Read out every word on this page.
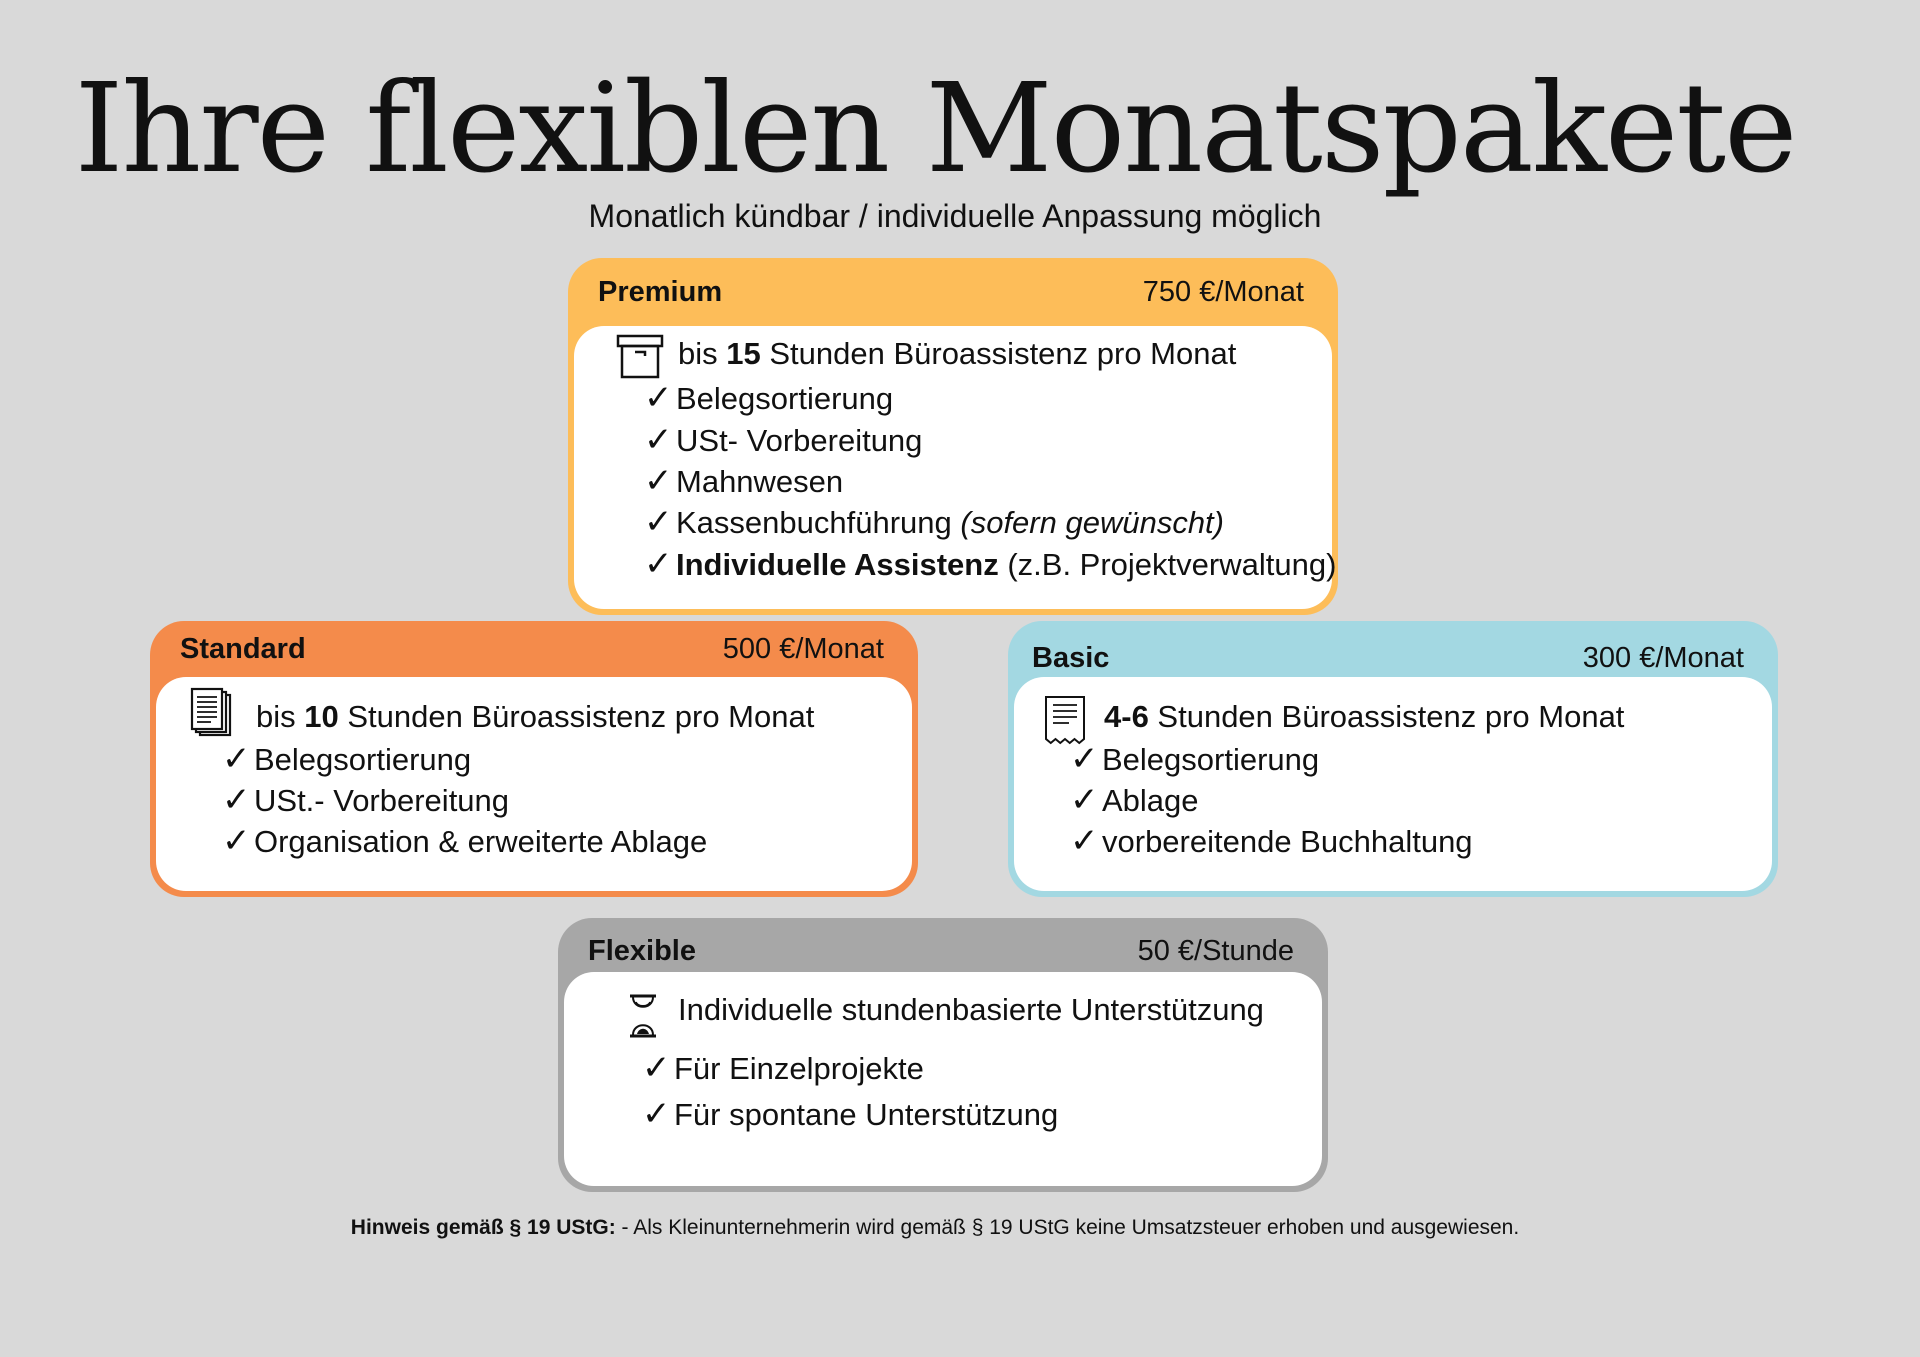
Ihre flexiblen Monatspakete
Monatlich kündbar / individuelle Anpassung möglich
Premium	750 €/Monat
bis 15 Stunden Büroassistenz pro Monat
✓ Belegsortierung
✓ USt- Vorbereitung
✓ Mahnwesen
✓ Kassenbuchführung (sofern gewünscht)
✓ Individuelle Assistenz (z.B. Projektverwaltung)
Standard	500 €/Monat
bis 10 Stunden Büroassistenz pro Monat
✓ Belegsortierung
✓ USt.- Vorbereitung
✓ Organisation & erweiterte Ablage
Basic	300 €/Monat
4-6 Stunden Büroassistenz pro Monat
✓ Belegsortierung
✓ Ablage
✓ vorbereitende Buchhaltung
Flexible	50 €/Stunde
Individuelle stundenbasierte Unterstützung
✓ Für Einzelprojekte
✓ Für spontane Unterstützung
Hinweis gemäß § 19 UStG: - Als Kleinunternehmerin wird gemäß § 19 UStG keine Umsatzsteuer erhoben und ausgewiesen.
